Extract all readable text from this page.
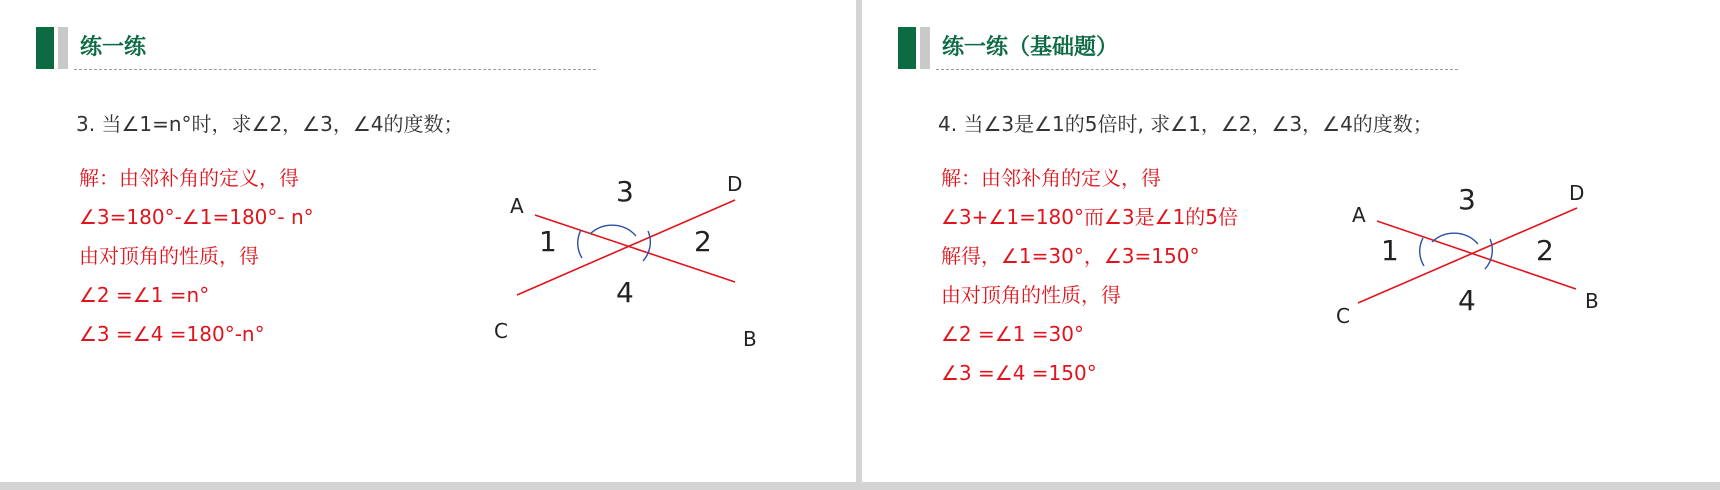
练一练
3. 当∠1=n°时，求∠2，∠3，∠4的度数；
解：由邻补角的定义，得
∠3=180°-∠1=180°- n°
由对顶角的性质，得
∠2 =∠1 =n°
∠3 =∠4 =180°-n°
A
B
C
D
1	2
3
4
练一练（基础题）
4. 当∠3是∠1的5倍时, 求∠1，∠2，∠3，∠4的度数；
解：由邻补角的定义，得
∠3+∠1=180°而∠3是∠1的5倍
解得，∠1=30°，∠3=150°
由对顶角的性质，得
∠2 =∠1 =30°
∠3 =∠4 =150°
A
B
C
D
1	2
3
4
